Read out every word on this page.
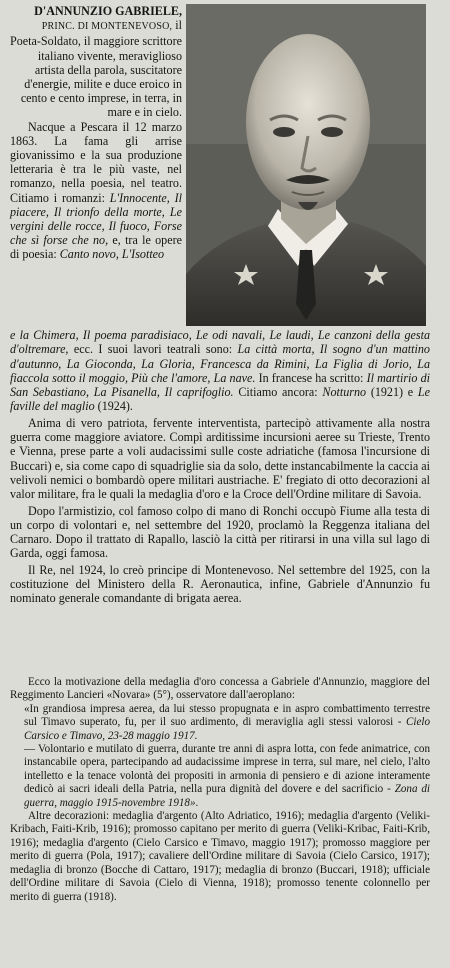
D'ANNUNZIO GABRIELE, PRINC. DI MONTENEVOSO, il Poeta-Soldato, il maggiore scrittore italiano vivente, meraviglioso artista della parola, suscitatore d'energie, milite e duce eroico in cento e cento imprese, in terra, in mare e in cielo.

Nacque a Pescara il 12 marzo 1863. La fama gli arrise giovanissimo e la sua produzione letteraria è tra le più vaste, nel romanzo, nella poesia, nel teatro. Citiamo i romanzi: L'Innocente, Il piacere, Il trionfo della morte, Le vergini delle rocce, Il fuoco, Forse che sì forse che no, e, tra le opere di poesia: Canto novo, L'Isotteo

e la Chimera, Il poema paradisiaco, Le odi navali, Le laudi, Le canzoni della gesta d'oltremare, ecc. I suoi lavori teatrali sono: La città morta, Il sogno d'un mattino d'autunno, La Gioconda, La Gloria, Francesca da Rimini, La Figlia di Jorio, La fiaccola sotto il moggio, Più che l'amore, La nave. In francese ha scritto: Il martirio di San Sebastiano, La Pisanella, Il caprifoglio. Citiamo ancora: Notturno (1921) e Le faville del maglio (1924).

Anima di vero patriota, fervente interventista, partecipò attivamente alla nostra guerra come maggiore aviatore. Compì arditissime incursioni aeree su Trieste, Trento e Vienna, prese parte a voli audacissimi sulle coste adriatiche (famosa l'incursione di Buccari) e, sia come capo di squadriglie sia da solo, dette instancabilmente la caccia ai velivoli nemici o bombardò opere militari austriache. E' fregiato di otto decorazioni al valor militare, fra le quali la medaglia d'oro e la Croce dell'Ordine militare di Savoia.

Dopo l'armistizio, col famoso colpo di mano di Ronchi occupò Fiume alla testa di un corpo di volontari e, nel settembre del 1920, proclamò la Reggenza italiana del Carnaro. Dopo il trattato di Rapallo, lasciò la città per ritirarsi in una villa sul lago di Garda, oggi famosa.

Il Re, nel 1924, lo creò principe di Montenevoso. Nel settembre del 1925, con la costituzione del Ministero della R. Aeronautica, infine, Gabriele d'Annunzio fu nominato generale comandante di brigata aerea.

Ecco la motivazione della medaglia d'oro concessa a Gabriele d'Annunzio, maggiore del Reggimento Lancieri «Novara» (5°), osservatore dall'aeroplano:

«In grandiosa impresa aerea, da lui stesso propugnata e in aspro combattimento terrestre sul Timavo superato, fu, per il suo ardimento, di meraviglia agli stessi valorosi - Cielo Carsico e Timavo, 23-28 maggio 1917.

— Volontario e mutilato di guerra, durante tre anni di aspra lotta, con fede animatrice, con instancabile opera, partecipando ad audacissime imprese in terra, sul mare, nel cielo, l'alto intelletto e la tenace volontà dei propositi in armonia di pensiero e di azione interamente dedicò ai sacri ideali della Patria, nella pura dignità del dovere e del sacrificio - Zona di guerra, maggio 1915-novembre 1918».

Altre decorazioni: medaglia d'argento (Alto Adriatico, 1916); medaglia d'argento (Veliki-Kribach, Faiti-Krib, 1916); promosso capitano per merito di guerra (Veliki-Kribac, Faiti-Krib, 1916); medaglia d'argento (Cielo Carsico e Timavo, maggio 1917); promosso maggiore per merito di guerra (Pola, 1917); cavaliere dell'Ordine militare di Savoia (Cielo Carsico, 1917); medaglia di bronzo (Bocche di Cattaro, 1917); medaglia di bronzo (Buccari, 1918); ufficiale dell'Ordine militare di Savoia (Cielo di Vienna, 1918); promosso tenente colonnello per merito di guerra (1918).
